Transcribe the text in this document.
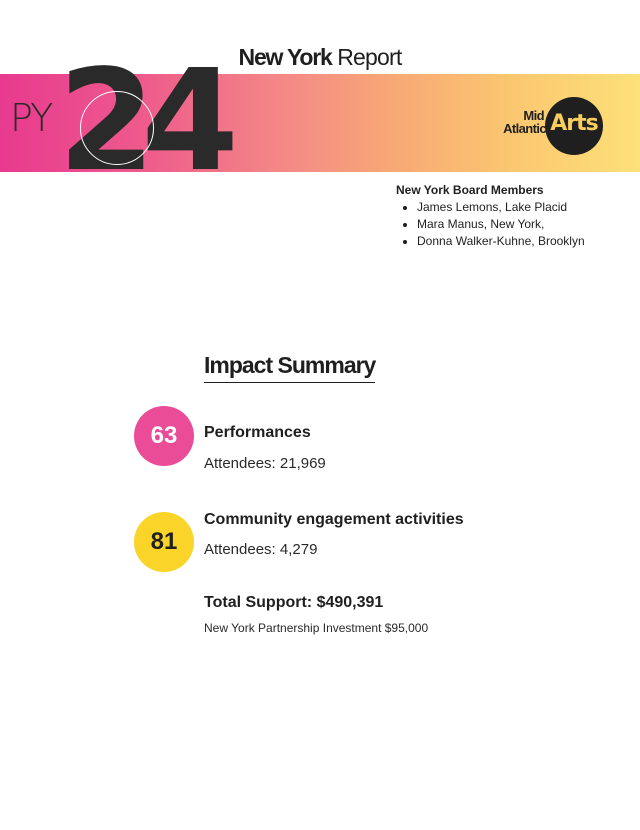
New York Report
PY 24	Mid
Atlantic Arts
New York Board Members
• James Lemons, Lake Placid
• Mara Manus, New York,
• Donna Walker-Kuhne, Brooklyn
Impact Summary
63	Performances
Attendees: 21,969
81
Community engagement activities
Attendees: 4,279
Total Support: $490,391
New York Partnership Investment $95,000
